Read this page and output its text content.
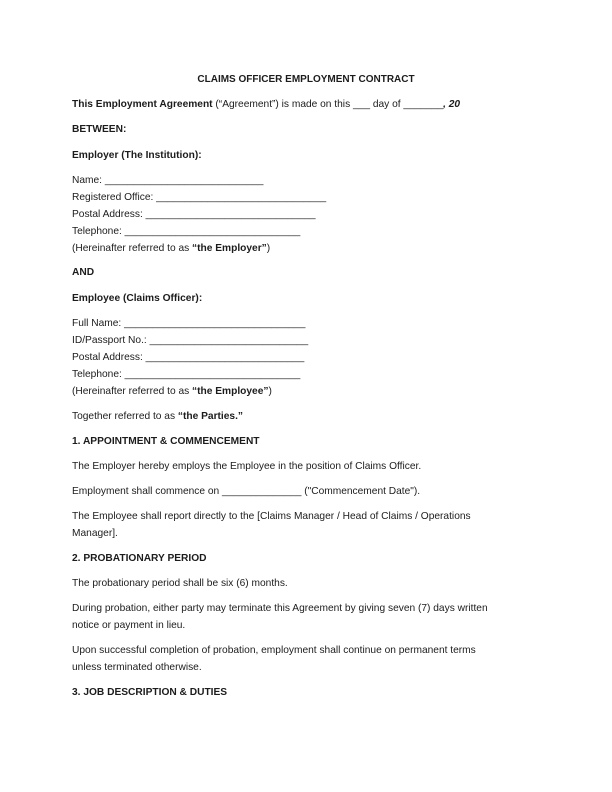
CLAIMS OFFICER EMPLOYMENT CONTRACT
This Employment Agreement (“Agreement”) is made on this ___ day of _______, 20
BETWEEN:
Employer (The Institution):
Name: ____________________________
Registered Office: ______________________________
Postal Address: ______________________________
Telephone: _______________________________
(Hereinafter referred to as “the Employer”)
AND
Employee (Claims Officer):
Full Name: ________________________________
ID/Passport No.: ____________________________
Postal Address: ____________________________
Telephone: _______________________________
(Hereinafter referred to as “the Employee”)
Together referred to as “the Parties.”
1. APPOINTMENT & COMMENCEMENT
The Employer hereby employs the Employee in the position of Claims Officer.
Employment shall commence on ______________ ("Commencement Date").
The Employee shall report directly to the [Claims Manager / Head of Claims / Operations
Manager].
2. PROBATIONARY PERIOD
The probationary period shall be six (6) months.
During probation, either party may terminate this Agreement by giving seven (7) days written
notice or payment in lieu.
Upon successful completion of probation, employment shall continue on permanent terms
unless terminated otherwise.
3. JOB DESCRIPTION & DUTIES
